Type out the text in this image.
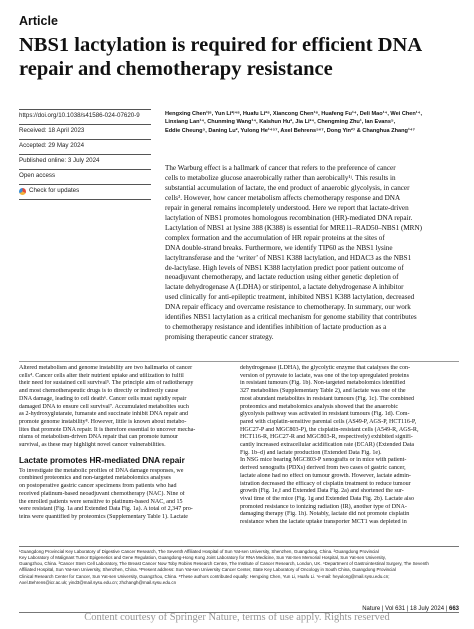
Article
NBS1 lactylation is required for efficient DNA
repair and chemotherapy resistance
https://doi.org/10.1038/s41586-024-07620-9
Received: 18 April 2023
Accepted: 29 May 2024
Published online: 3 July 2024
Open access
Check for updates
Hengxing Chen¹ʲ⁸, Yun Li²ʲ⁴⁸, Huafu Li²⁸, Xiancong Chen¹⁸, Huafeng Fu¹⁴, Deli Mao¹⁴, Wei Chen¹⁴,
Linxiang Lan¹⁴, Chunming Wang¹⁴, Kaishun Hu², Jia Li²⁴, Chengming Zhu¹, Ian Evans⁵,
Eddie Cheung⁵, Daning Lu², Yulong He¹⁴⁵⁷, Axel Behrens⁵⁶⁷, Dong Yin²⁷ & Changhua Zhang¹⁴⁷
The Warburg effect is a hallmark of cancer that refers to the preference of cancer
cells to metabolize glucose anaerobically rather than aerobically¹ʲ. This results in
substantial accumulation of lactate, the end product of anaerobic glycolysis, in cancer
cells³. However, how cancer metabolism affects chemotherapy response and DNA
repair in general remains incompletely understood. Here we report that lactate-driven
lactylation of NBS1 promotes homologous recombination (HR)-mediated DNA repair.
Lactylation of NBS1 at lysine 388 (K388) is essential for MRE11–RAD50–NBS1 (MRN)
complex formation and the accumulation of HR repair proteins at the sites of
DNA double-strand breaks. Furthermore, we identify TIP60 as the NBS1 lysine
lactyltransferase and the ‘writer’ of NBS1 K388 lactylation, and HDAC3 as the NBS1
de-lactylase. High levels of NBS1 K388 lactylation predict poor patient outcome of
neoadjuvant chemotherapy, and lactate reduction using either genetic depletion of
lactate dehydrogenase A (LDHA) or stiripentol, a lactate dehydrogenase A inhibitor
used clinically for anti-epileptic treatment, inhibited NBS1 K388 lactylation, decreased
DNA repair efficacy and overcame resistance to chemotherapy. In summary, our work
identifies NBS1 lactylation as a critical mechanism for genome stability that contributes
to chemotherapy resistance and identifies inhibition of lactate production as a
promising therapeutic cancer strategy.
Altered metabolism and genome instability are two hallmarks of cancer
cells⁴. Cancer cells alter their nutrient uptake and utilization to fulfil
their need for sustained cell survival⁵. The principle aim of radiotherapy
and most chemotherapeutic drugs is to directly or indirectly cause
DNA damage, leading to cell death⁶. Cancer cells must rapidly repair
damaged DNA to ensure cell survival⁷. Accumulated metabolites such
as 2-hydroxyglutarate, fumarate and succinate inhibit DNA repair and
promote genome instability⁸. However, little is known about metabo-
lites that promote DNA repair. It is therefore essential to uncover mecha-
nisms of metabolism-driven DNA repair that can promote tumour
survival, as these may highlight novel cancer vulnerabilities.
Lactate promotes HR-mediated DNA repair
To investigate the metabolic profiles of DNA damage responses, we
combined proteomics and non-targeted metabolomics analyses
on postoperative gastric cancer specimens from patients who had
received platinum-based neoadjuvant chemotherapy (NAC). Nine of
the enrolled patients were sensitive to platinum-based NAC, and 15
were resistant (Fig. 1a and Extended Data Fig. 1a). A total of 2,347 pro-
teins were quantified by proteomics (Supplementary Table 1). Lactate
dehydrogenase (LDHA), the glycolytic enzyme that catalyses the con-
version of pyruvate to lactate, was one of the top upregulated proteins
in resistant tumours (Fig. 1b). Non-targeted metabolomics identified
327 metabolites (Supplementary Table 2), and lactate was one of the
most abundant metabolites in resistant tumours (Fig. 1c). The combined
proteomics and metabolomics analysis showed that the anaerobic
glycolysis pathway was activated in resistant tumours (Fig. 1d). Com-
pared with cisplatin-sensitive parental cells (AS49-P, AGS-P, HCT116-P,
HGC27-P and MGC803-P), the cisplatin-resistant cells (A549-R, AGS-R,
HCT116-R, HGC27-R and MGC803-R, respectively) exhibited signifi-
cantly increased extracellular acidification rate (ECAR) (Extended Data
Fig. 1b–d) and lactate production (Extended Data Fig. 1e).
In NSG mice bearing MGC803-P xenografts or in mice with patient-
derived xenografts (PDXs) derived from two cases of gastric cancer,
lactate alone had no effect on tumour growth. However, lactate admin-
istration decreased the efficacy of cisplatin treatment to reduce tumour
growth (Fig. 1e,f and Extended Data Fig. 2a) and shortened the sur-
vival time of the mice (Fig. 1g and Extended Data Fig. 2b). Lactate also
promoted resistance to ionizing radiation (IR), another type of DNA-
damaging therapy (Fig. 1h). Notably, lactate did not promote cisplatin
resistance when the lactate uptake transporter MCT1 was depleted in
¹Guangdong Provincial Key Laboratory of Digestive Cancer Research, The Seventh Affiliated Hospital of Sun Yat-sen University, Shenzhen, Guangdong, China. ²Guangdong Provincial
Key Laboratory of Malignant Tumor Epigenetics and Gene Regulation, Guangdong-Hong Kong Joint Laboratory for RNA Medicine, Sun Yat-Sen Memorial Hospital, Sun Yat-sen University,
Guangzhou, China. ³Cancer Stem Cell Laboratory, The Breast Cancer Now Toby Robins Research Centre, The Institute of Cancer Research, London, UK. ⁴Department of Gastrointestinal Surgery, The Seventh
Affiliated Hospital, Sun Yat-sen University, Shenzhen, China. ⁵Present address: Sun Yat-sen University Cancer Center, State Key Laboratory of Oncology in South China, Guangdong Provincial
Clinical Research Center for Cancer, Sun Yat-sen University, Guangzhou, China. ⁶These authors contributed equally: Hengxing Chen, Yun Li, Huafu Li. ⁷e-mail: heyulong@mail.sysu.edu.cn;
Axel.Behrens@icr.ac.uk; yind3@mail.sysu.edu.cn; zhchangh@mail.sysu.edu.cn
Nature | Vol 631 | 18 July 2024 | 663
Content courtesy of Springer Nature, terms of use apply. Rights reserved
